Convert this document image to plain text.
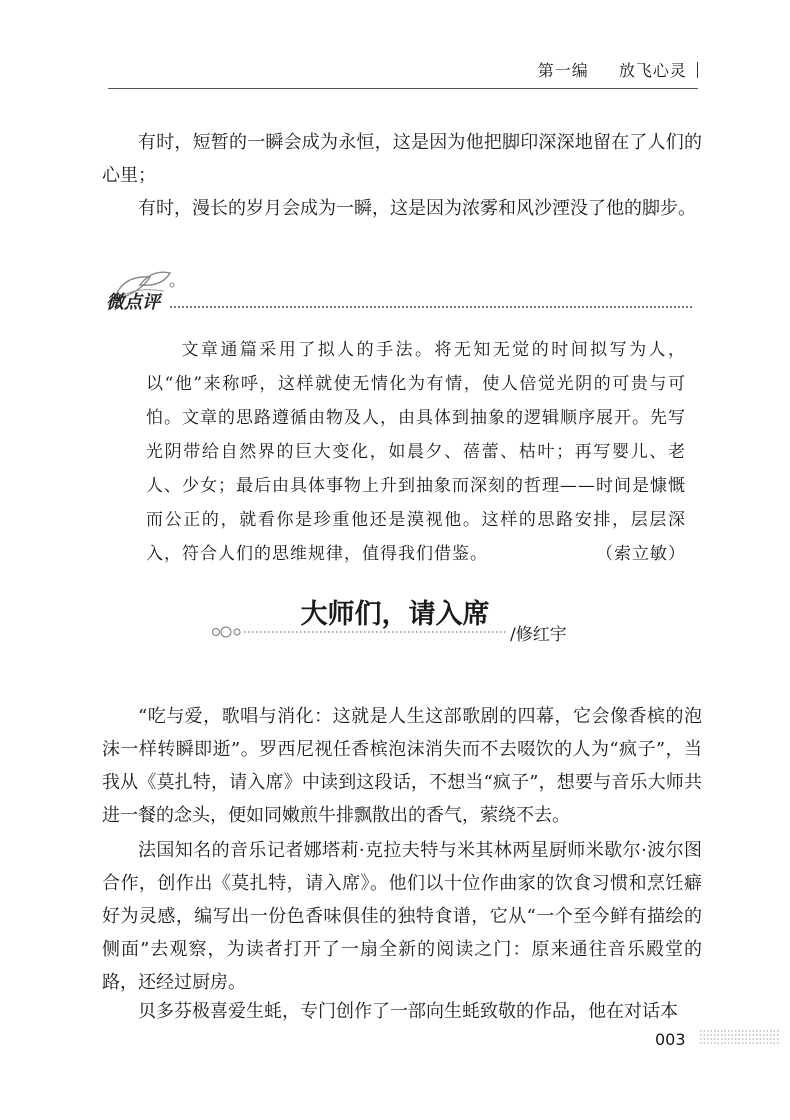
第一编 放飞心灵
有时，短暂的一瞬会成为永恒，这是因为他把脚印深深地留在了人们的心里；
有时，漫长的岁月会成为一瞬，这是因为浓雾和风沙湮没了他的脚步。
微点评
文章通篇采用了拟人的手法。将无知无觉的时间拟写为人，以“他”来称呼，这样就使无情化为有情，使人倍觉光阴的可贵与可怕。文章的思路遵循由物及人，由具体到抽象的逻辑顺序展开。先写光阴带给自然界的巨大变化，如晨夕、蓓蕾、枯叶；再写婴儿、老人、少女；最后由具体事物上升到抽象而深刻的哲理——时间是慷慨而公正的，就看你是珍重他还是漠视他。这样的思路安排，层层深入，符合人们的思维规律，值得我们借鉴。	（索立敏）
大师们，请入席
/修红宇
“吃与爱，歌唱与消化：这就是人生这部歌剧的四幕，它会像香槟的泡沫一样转瞬即逝”。罗西尼视任香槟泡沫消失而不去啜饮的人为“疯子”，当我从《莫扎特，请入席》中读到这段话，不想当“疯子”，想要与音乐大师共进一餐的念头，便如同嫩煎牛排飘散出的香气，萦绕不去。
法国知名的音乐记者娜塔莉·克拉夫特与米其林两星厨师米歇尔·波尔图合作，创作出《莫扎特，请入席》。他们以十位作曲家的饮食习惯和烹饪癖好为灵感，编写出一份色香味俱佳的独特食谱，它从“一个至今鲜有描绘的侧面”去观察，为读者打开了一扇全新的阅读之门：原来通往音乐殿堂的路，还经过厨房。
贝多芬极喜爱生蚝，专门创作了一部向生蚝致敬的作品，他在对话本
003
